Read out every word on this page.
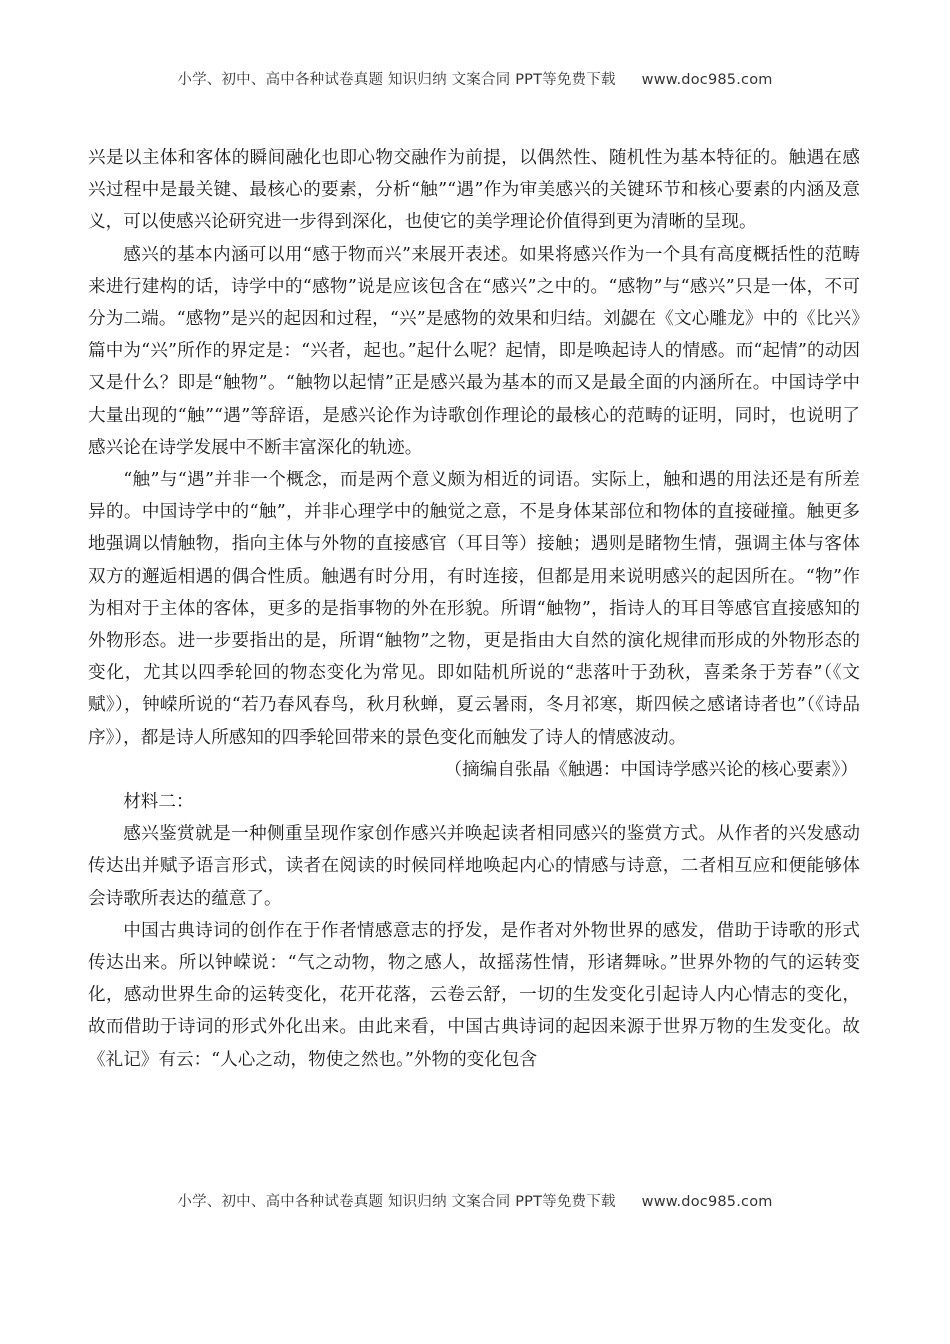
小学、初中、高中各种试卷真题 知识归纳 文案合同 PPT等免费下载 www.doc985.com

兴是以主体和客体的瞬间融化也即心物交融作为前提，以偶然性、随机性为基本特征的。触遇在感兴过程中是最关键、最核心的要素，分析“触”“遇”作为审美感兴的关键环节和核心要素的内涵及意义，可以使感兴论研究进一步得到深化，也使它的美学理论价值得到更为清晰的呈现。

感兴的基本内涵可以用“感于物而兴”来展开表述。如果将感兴作为一个具有高度概括性的范畴来进行建构的话，诗学中的“感物”说是应该包含在“感兴”之中的。“感物”与“感兴”只是一体，不可分为二端。“感物”是兴的起因和过程，“兴”是感物的效果和归结。刘勰在《文心雕龙》中的《比兴》篇中为“兴”所作的界定是：“兴者，起也。”起什么呢？起情，即是唤起诗人的情感。而“起情”的动因又是什么？即是“触物”。“触物以起情”正是感兴最为基本的而又是最全面的内涵所在。中国诗学中大量出现的“触”“遇”等辞语，是感兴论作为诗歌创作理论的最核心的范畴的证明，同时，也说明了感兴论在诗学发展中不断丰富深化的轨迹。

“触”与“遇”并非一个概念，而是两个意义颇为相近的词语。实际上，触和遇的用法还是有所差异的。中国诗学中的“触”，并非心理学中的触觉之意，不是身体某部位和物体的直接碰撞。触更多地强调以情触物，指向主体与外物的直接感官（耳目等）接触；遇则是睹物生情，强调主体与客体双方的邂逅相遇的偶合性质。触遇有时分用，有时连接，但都是用来说明感兴的起因所在。“物”作为相对于主体的客体，更多的是指事物的外在形貌。所谓“触物”，指诗人的耳目等感官直接感知的外物形态。进一步要指出的是，所谓“触物”之物，更是指由大自然的演化规律而形成的外物形态的变化，尤其以四季轮回的物态变化为常见。即如陆机所说的“悲落叶于劲秋，喜柔条于芳春”（《文赋》），钟嵘所说的“若乃春风春鸟，秋月秋蝉，夏云暑雨，冬月祁寒，斯四候之感诸诗者也”（《诗品序》），都是诗人所感知的四季轮回带来的景色变化而触发了诗人的情感波动。

（摘编自张晶《触遇：中国诗学感兴论的核心要素》）

材料二：

感兴鉴赏就是一种侧重呈现作家创作感兴并唤起读者相同感兴的鉴赏方式。从作者的兴发感动传达出并赋予语言形式，读者在阅读的时候同样地唤起内心的情感与诗意，二者相互应和便能够体会诗歌所表达的蕴意了。

中国古典诗词的创作在于作者情感意志的抒发，是作者对外物世界的感发，借助于诗歌的形式传达出来。所以钟嵘说：“气之动物，物之感人，故摇荡性情，形诸舞咏。”世界外物的气的运转变化，感动世界生命的运转变化，花开花落，云卷云舒，一切的生发变化引起诗人内心情志的变化，故而借助于诗词的形式外化出来。由此来看，中国古典诗词的起因来源于世界万物的生发变化。故《礼记》有云：“人心之动，物使之然也。”外物的变化包含

小学、初中、高中各种试卷真题 知识归纳 文案合同 PPT等免费下载 www.doc985.com
